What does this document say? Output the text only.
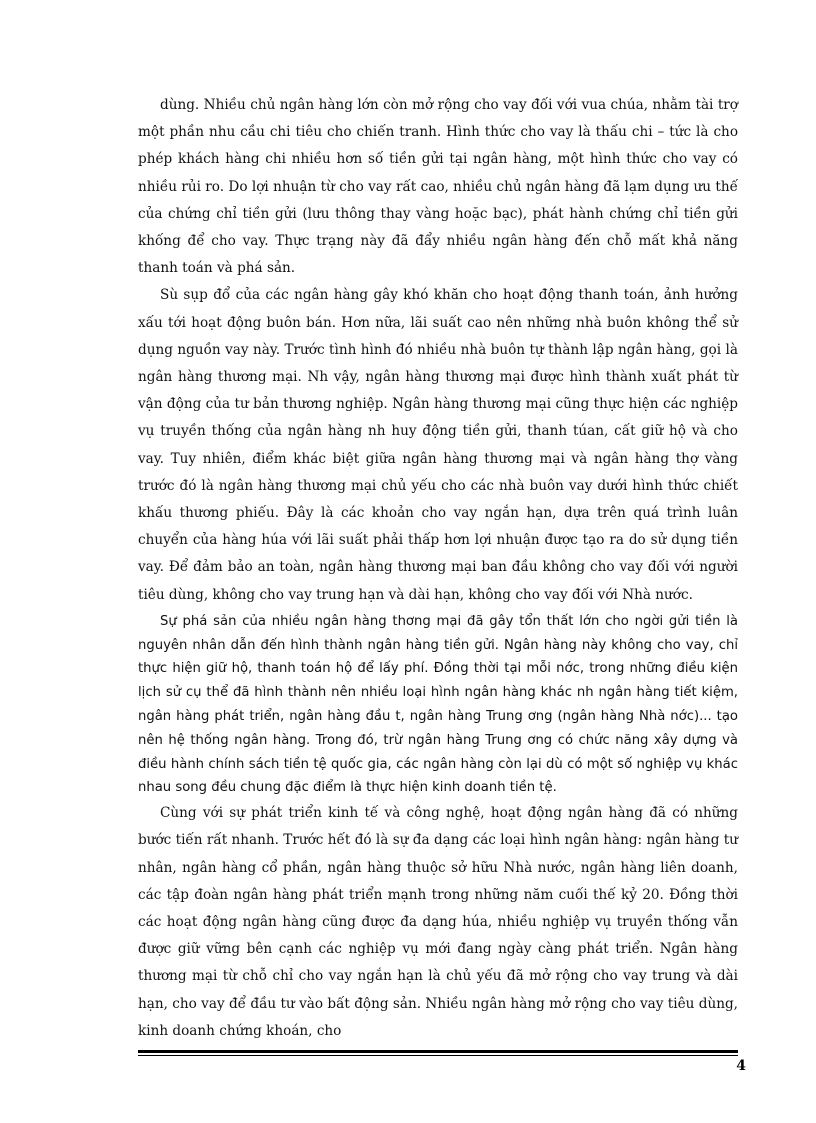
dùng. Nhiều chủ ngân hàng lớn còn mở rộng cho vay đối với vua chúa, nhằm tài trợ một phần nhu cầu chi tiêu cho chiến tranh. Hình thức cho vay là thấu chi – tức là cho phép khách hàng chi nhiều hơn số tiền gửi tại ngân hàng, một hình thức cho vay có nhiều rủi ro. Do lợi nhuận từ cho vay rất cao, nhiều chủ ngân hàng đã lạm dụng ưu thế của chứng chỉ tiền gửi (lưu thông thay vàng hoặc bạc), phát hành chứng chỉ tiền gửi khống để cho vay. Thực trạng này đã đẩy nhiều ngân hàng đến chỗ mất khả năng thanh toán và phá sản.

Sù sụp đổ của các ngân hàng gây khó khăn cho hoạt động thanh toán, ảnh hưởng xấu tới hoạt động buôn bán. Hơn nữa, lãi suất cao nên những nhà buôn không thể sử dụng nguồn vay này. Trước tình hình đó nhiều nhà buôn tự thành lập ngân hàng, gọi là ngân hàng thương mại. Nh vậy, ngân hàng thương mại được hình thành xuất phát từ vận động của tư bản thương nghiệp. Ngân hàng thương mại cũng thực hiện các nghiệp vụ truyền thống của ngân hàng nh huy động tiền gửi, thanh túan, cất giữ hộ và cho vay. Tuy nhiên, điểm khác biệt giữa ngân hàng thương mại và ngân hàng thợ vàng trước đó là ngân hàng thương mại chủ yếu cho các nhà buôn vay dưới hình thức chiết khấu thương phiếu. Đây là các khoản cho vay ngắn hạn, dựa trên quá trình luân chuyển của hàng húa với lãi suất phải thấp hơn lợi nhuận được tạo ra do sử dụng tiền vay. Để đảm bảo an toàn, ngân hàng thương mại ban đầu không cho vay đối với người tiêu dùng, không cho vay trung hạn và dài hạn, không cho vay đối với Nhà nước.

Sự phá sản của nhiều ngân hàng thơng mại đã gây tổn thất lớn cho ngời gửi tiền là nguyên nhân dẫn đến hình thành ngân hàng tiền gửi. Ngân hàng này không cho vay, chỉ thực hiện giữ hộ, thanh toán hộ để lấy phí. Đồng thời tại mỗi nớc, trong những điều kiện lịch sử cụ thể đã hình thành nên nhiều loại hình ngân hàng khác nh ngân hàng tiết kiệm, ngân hàng phát triển, ngân hàng đầu t, ngân hàng Trung ơng (ngân hàng Nhà nớc)... tạo nên hệ thống ngân hàng. Trong đó, trừ ngân hàng Trung ơng có chức năng xây dựng và điều hành chính sách tiền tệ quốc gia, các ngân hàng còn lại dù có một số nghiệp vụ khác nhau song đều chung đặc điểm là thực hiện kinh doanh tiền tệ.

Cùng với sự phát triển kinh tế và công nghệ, hoạt động ngân hàng đã có những bước tiến rất nhanh. Trước hết đó là sự đa dạng các loại hình ngân hàng: ngân hàng tư nhân, ngân hàng cổ phần, ngân hàng thuộc sở hữu Nhà nước, ngân hàng liên doanh, các tập đoàn ngân hàng phát triển mạnh trong những năm cuối thế kỷ 20. Đồng thời các hoạt động ngân hàng cũng được đa dạng húa, nhiều nghiệp vụ truyền thống vẫn được giữ vững bên cạnh các nghiệp vụ mới đang ngày càng phát triển. Ngân hàng thương mại từ chỗ chỉ cho vay ngắn hạn là chủ yếu đã mở rộng cho vay trung và dài hạn, cho vay để đầu tư vào bất động sản. Nhiều ngân hàng mở rộng cho vay tiêu dùng, kinh doanh chứng khoán, cho

4
